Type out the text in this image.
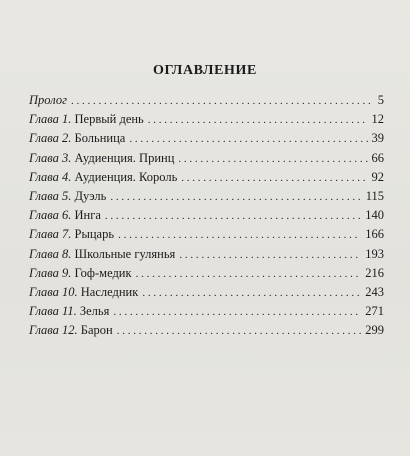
ОГЛАВЛЕНИЕ
Пролог . . .	5
Глава 1. Первый день . . .	12
Глава 2. Больница . . .	39
Глава 3. Аудиенция. Принц . . .	66
Глава 4. Аудиенция. Король . . .	92
Глава 5. Дуэль . . .	115
Глава 6. Инга . . .	140
Глава 7. Рыцарь . . .	166
Глава 8. Школьные гулянья . . .	193
Глава 9. Гоф-медик . . .	216
Глава 10. Наследник . . .	243
Глава 11. Зелья . . .	271
Глава 12. Барон . . .	299
